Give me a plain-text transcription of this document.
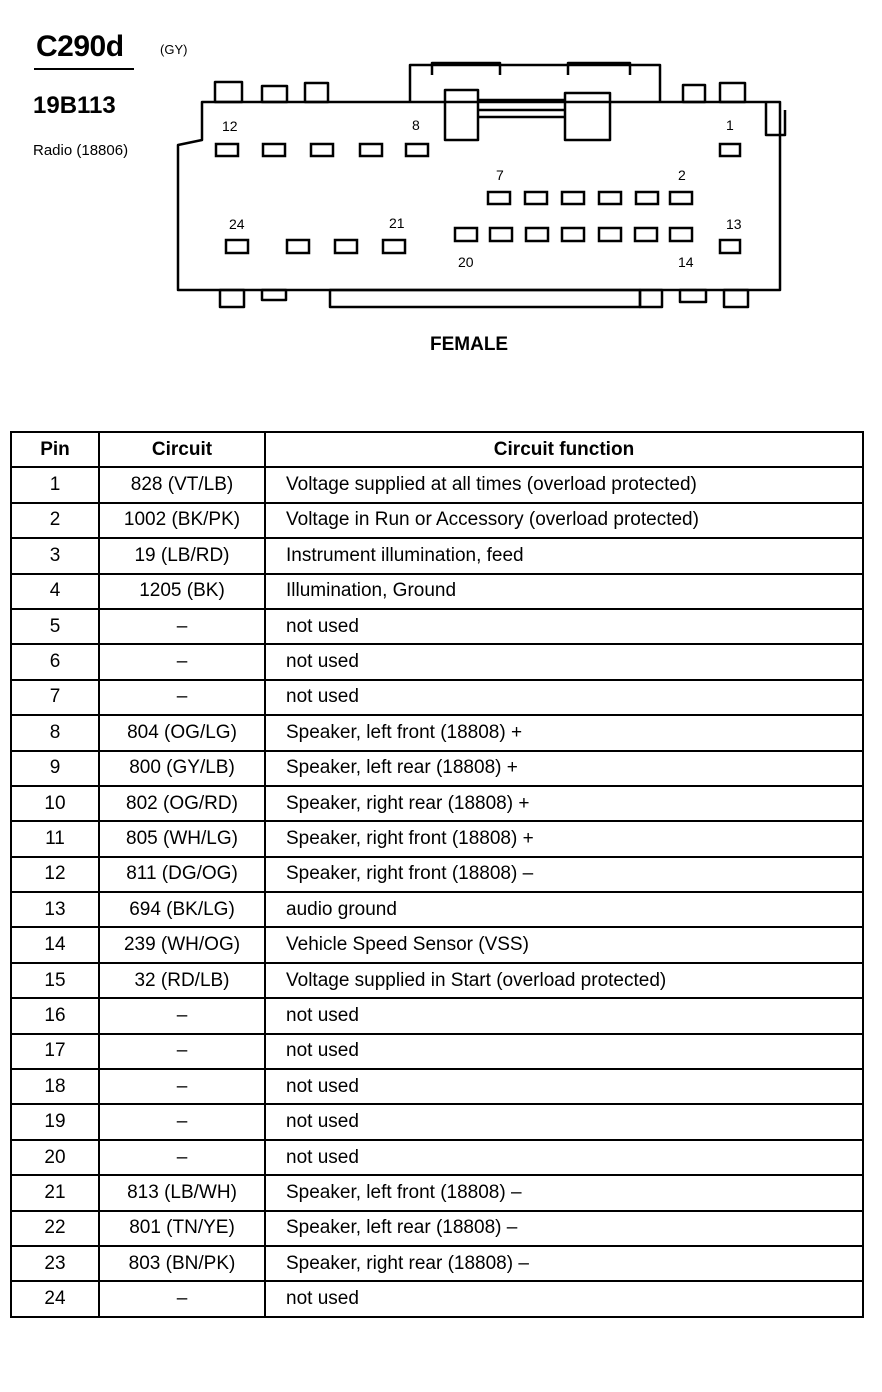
C290d	(GY)
19B113
Radio (18806)
12	8	1
7	2
24	21	13
20	14
FEMALE
Pin	Circuit	Circuit function
1	828 (VT/LB)	Voltage supplied at all times (overload protected)
2	1002 (BK/PK)	Voltage in Run or Accessory (overload protected)
3	19 (LB/RD)	Instrument illumination, feed
4	1205 (BK)	Illumination, Ground
5	–	not used
6	–	not used
7	–	not used
8	804 (OG/LG)	Speaker, left front (18808) +
9	800 (GY/LB)	Speaker, left rear (18808) +
10	802 (OG/RD)	Speaker, right rear (18808) +
11	805 (WH/LG)	Speaker, right front (18808) +
12	811 (DG/OG)	Speaker, right front (18808) –
13	694 (BK/LG)	audio ground
14	239 (WH/OG)	Vehicle Speed Sensor (VSS)
15	32 (RD/LB)	Voltage supplied in Start (overload protected)
16	–	not used
17	–	not used
18	–	not used
19	–	not used
20	–	not used
21	813 (LB/WH)	Speaker, left front (18808) –
22	801 (TN/YE)	Speaker, left rear (18808) –
23	803 (BN/PK)	Speaker, right rear (18808) –
24	–	not used
